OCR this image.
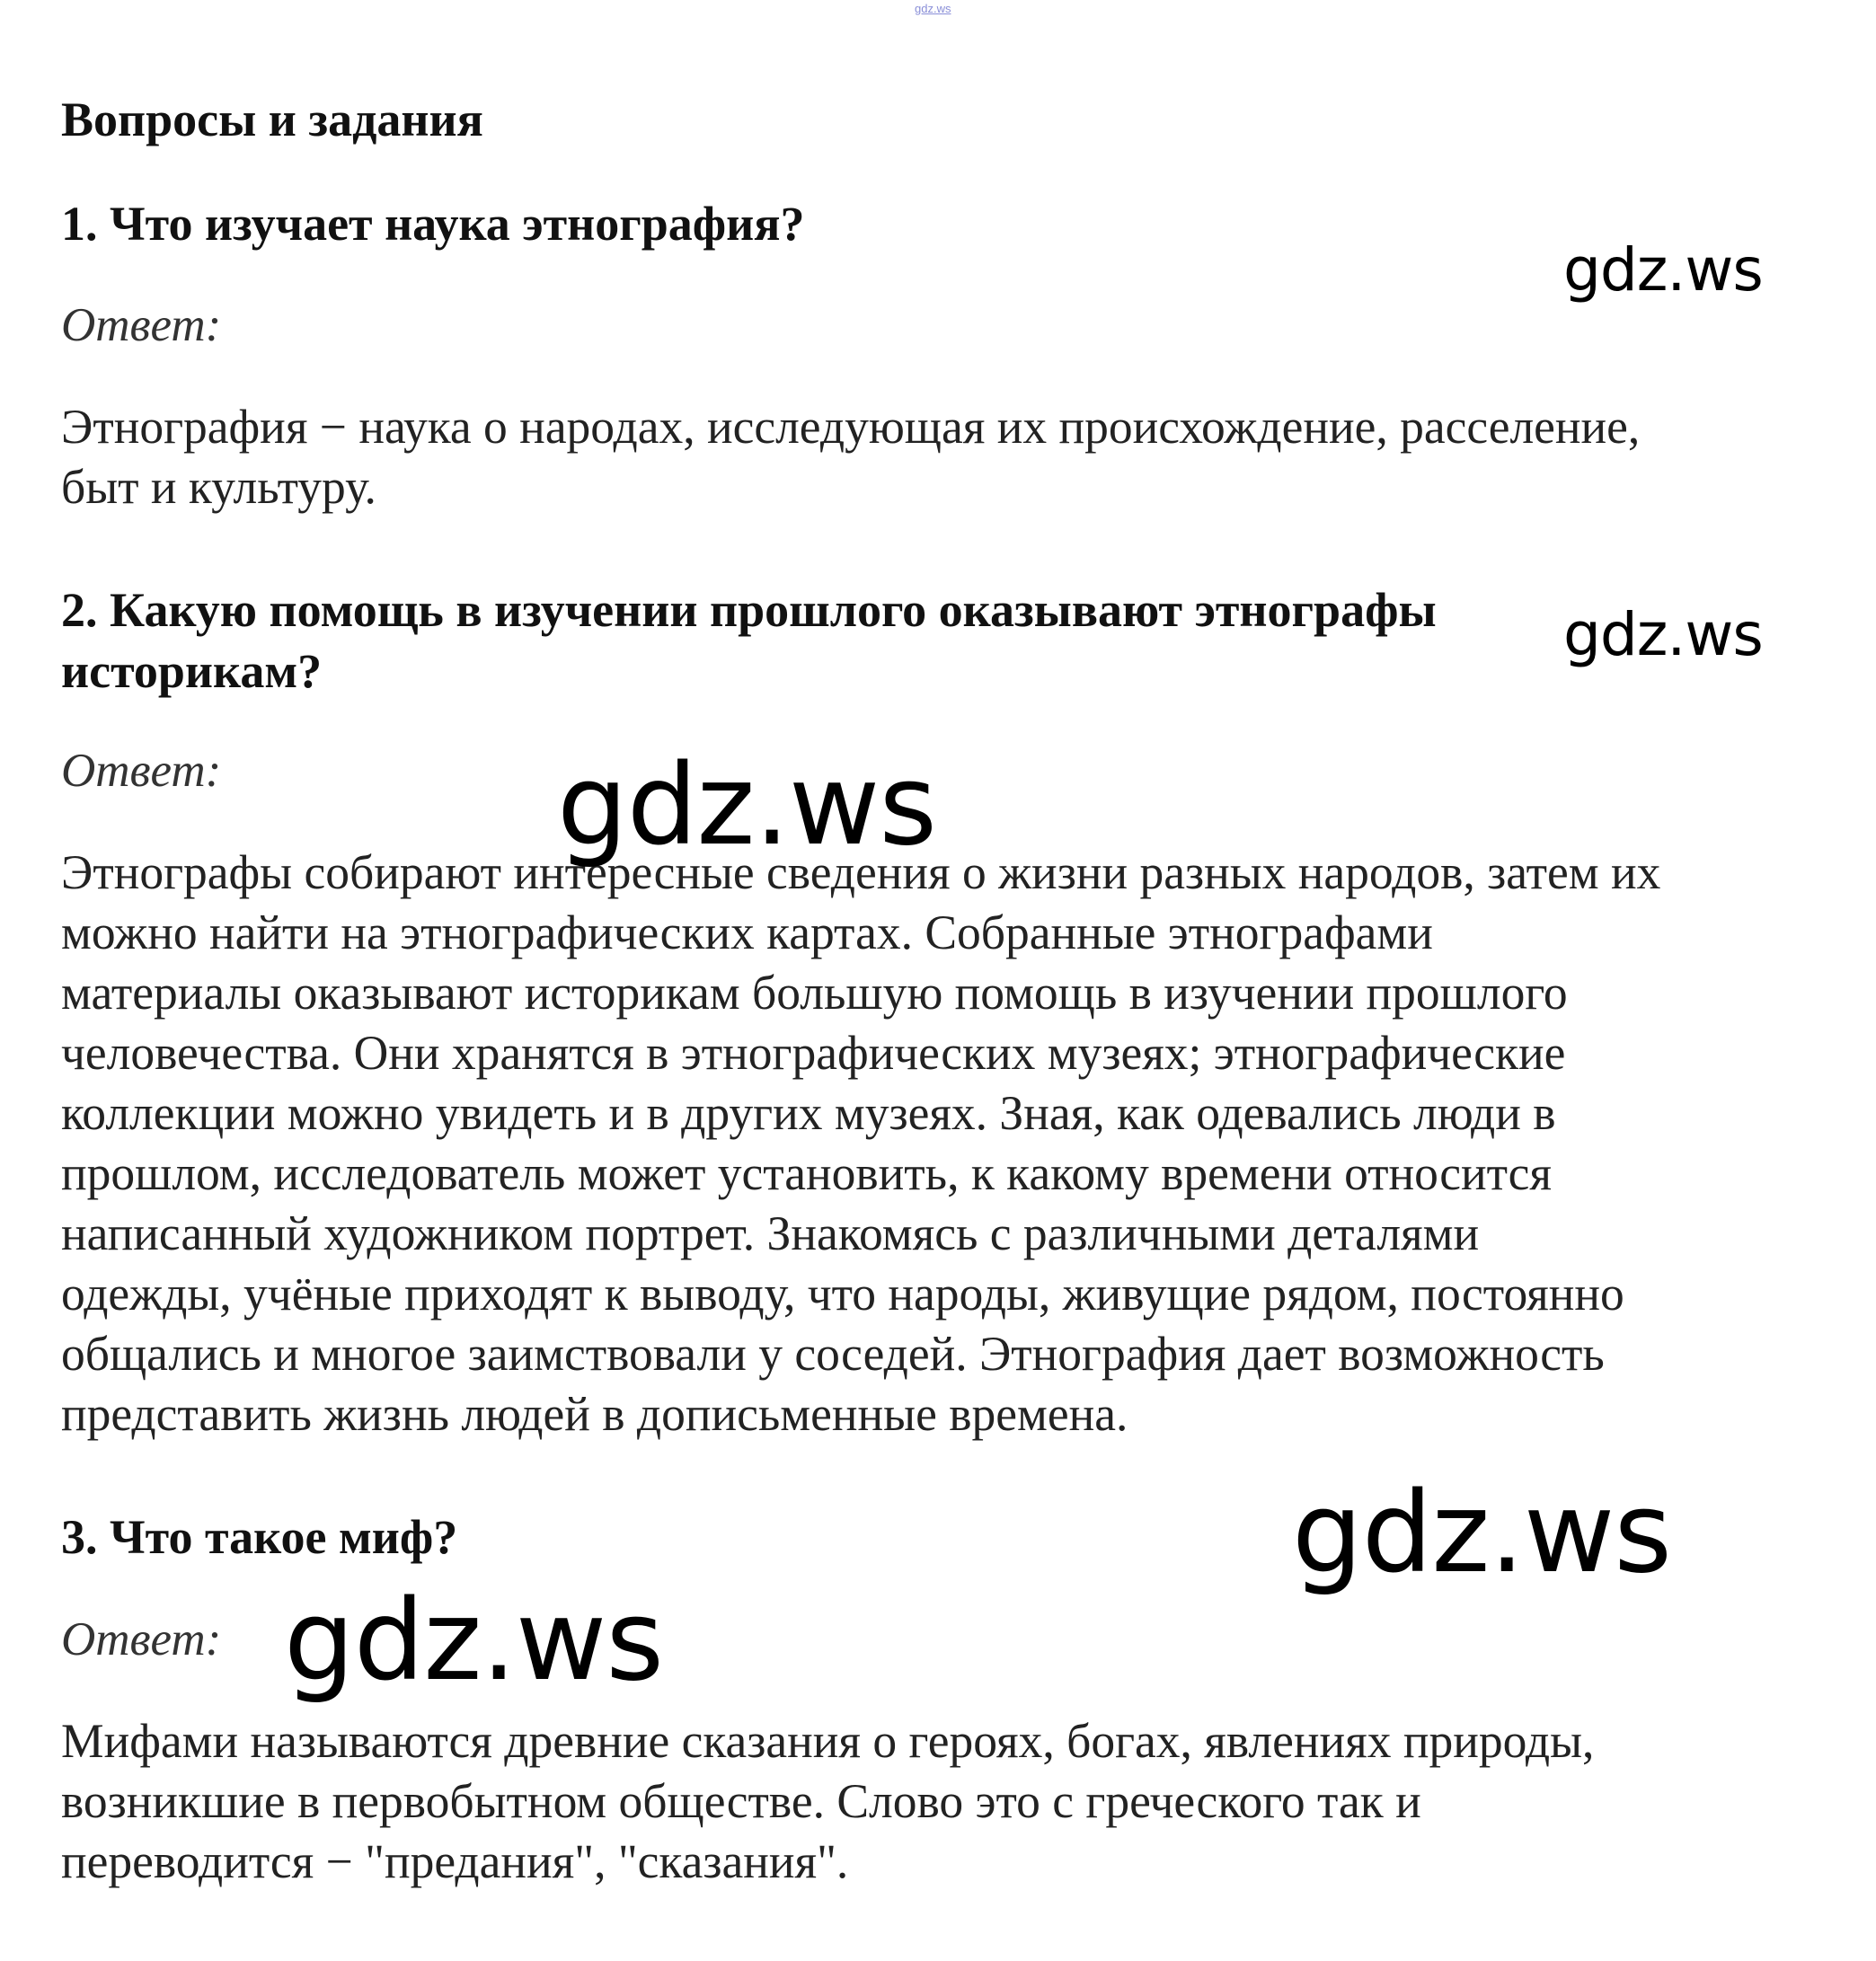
gdz.ws
Вопросы и задания
1. Что изучает наука этнография?
Ответ:
Этнография − наука о народах, исследующая их происхождение, расселение,
быт и культуру.
2. Какую помощь в изучении прошлого оказывают этнографы
историкам?
Ответ:
Этнографы собирают интересные сведения о жизни разных народов, затем их
можно найти на этнографических картах. Собранные этнографами
материалы оказывают историкам большую помощь в изучении прошлого
человечества. Они хранятся в этнографических музеях; этнографические
коллекции можно увидеть и в других музеях. Зная, как одевались люди в
прошлом, исследователь может установить, к какому времени относится
написанный художником портрет. Знакомясь с различными деталями
одежды, учёные приходят к выводу, что народы, живущие рядом, постоянно
общались и многое заимствовали у соседей. Этнография дает возможность
представить жизнь людей в дописьменные времена.
3. Что такое миф?
Ответ:
Мифами называются древние сказания о героях, богах, явлениях природы,
возникшие в первобытном обществе. Слово это с греческого так и
переводится − "предания", "сказания".
gdz.ws
gdz.ws
gdz.ws
gdz.ws
gdz.ws
